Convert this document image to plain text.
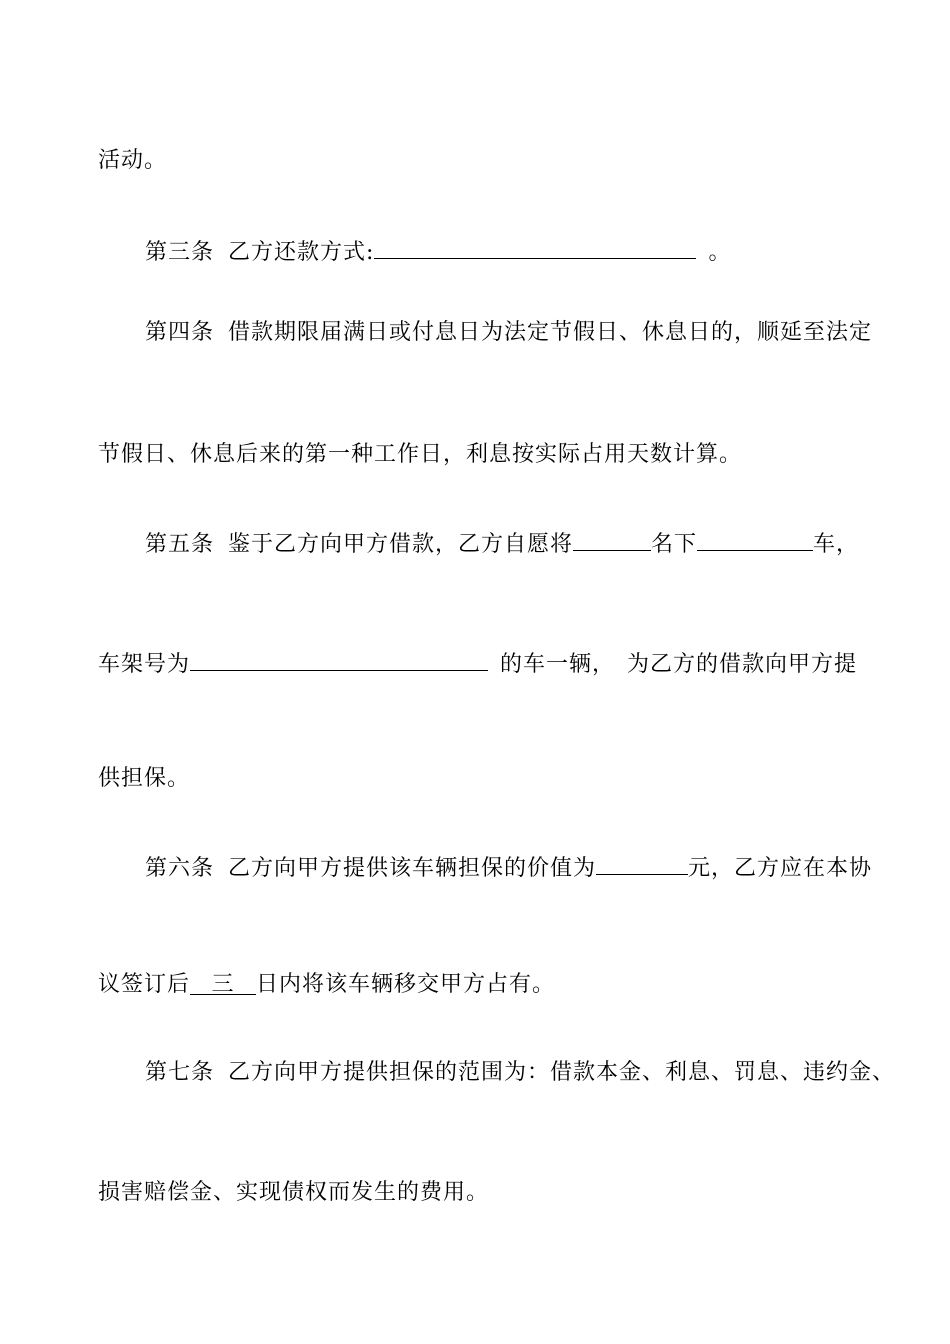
活动。
第三条 乙方还款方式:	。
第四条 借款期限届满日或付息日为法定节假日、休息日的，顺延至法定
节假日、休息后来的第一种工作日，利息按实际占用天数计算。
第五条 鉴于乙方向甲方借款，乙方自愿将	名下	车，
车架号为	的车一辆， 为乙方的借款向甲方提
供担保。
第六条 乙方向甲方提供该车辆担保的价值为	元，乙方应在本协
议签订后 三 日内将该车辆移交甲方占有。
第七条 乙方向甲方提供担保的范围为：借款本金、利息、罚息、违约金、
损害赔偿金、实现债权而发生的费用。
